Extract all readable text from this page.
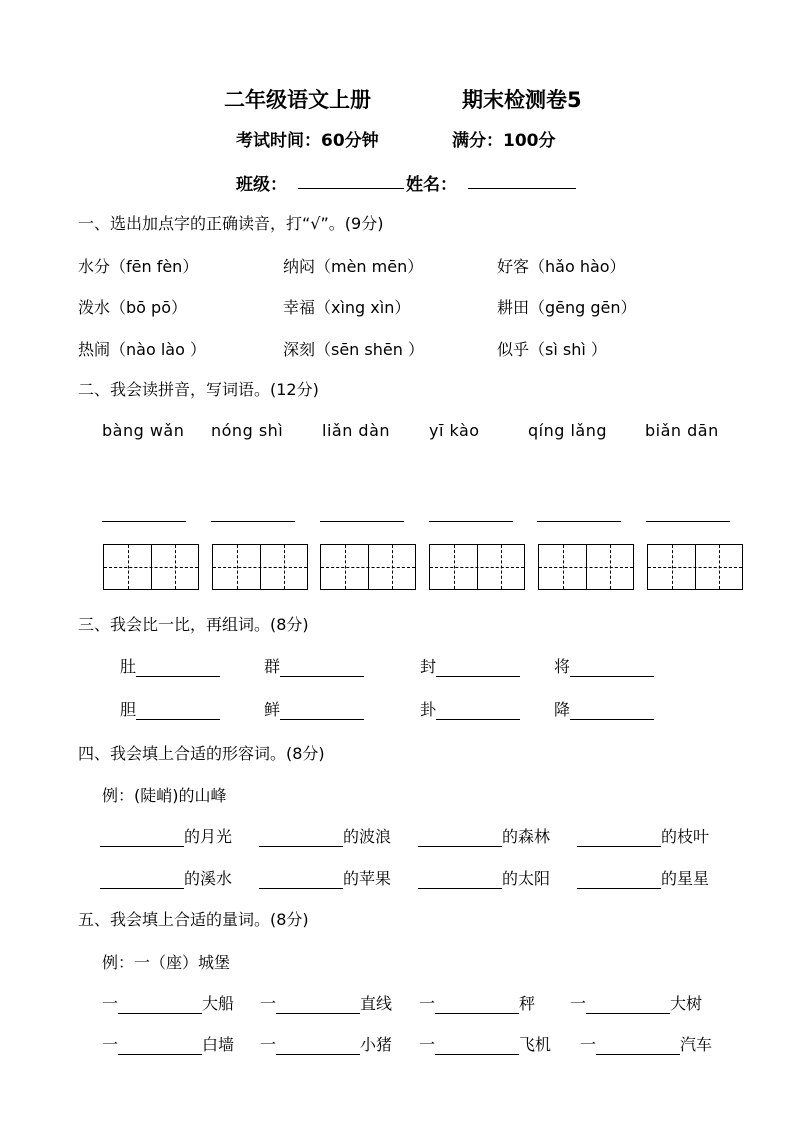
二年级语文上册	期末检测卷5
考试时间：60分钟	满分：100分
班级：	姓名：
一、选出加点字的正确读音，打“√”。(9分)
水分（fēn fèn）	纳闷（mèn mēn）	好客（hǎo hào）
泼水（bō pō）	幸福（xìng xìn）	耕田（gēng gēn）
热闹（nào lào ）	深刻（sēn shēn ）	似乎（sì shì ）
二、我会读拼音，写词语。(12分)
bàng wǎn nóng shì liǎn dàn yī kào	qíng lǎng biǎn dān
三、我会比一比，再组词。(8分)
肚	群	封	将
胆	鲜	卦	降
四、我会填上合适的形容词。(8分)
例：(陡峭)的山峰
的月光	的波浪	的森林	的枝叶
的溪水	的苹果	的太阳	的星星
五、我会填上合适的量词。(8分)
例：一（座）城堡
一	大船 一	直线 一	秤 一	大树
一	白墙 一	小猪 一	飞机 一	汽车
